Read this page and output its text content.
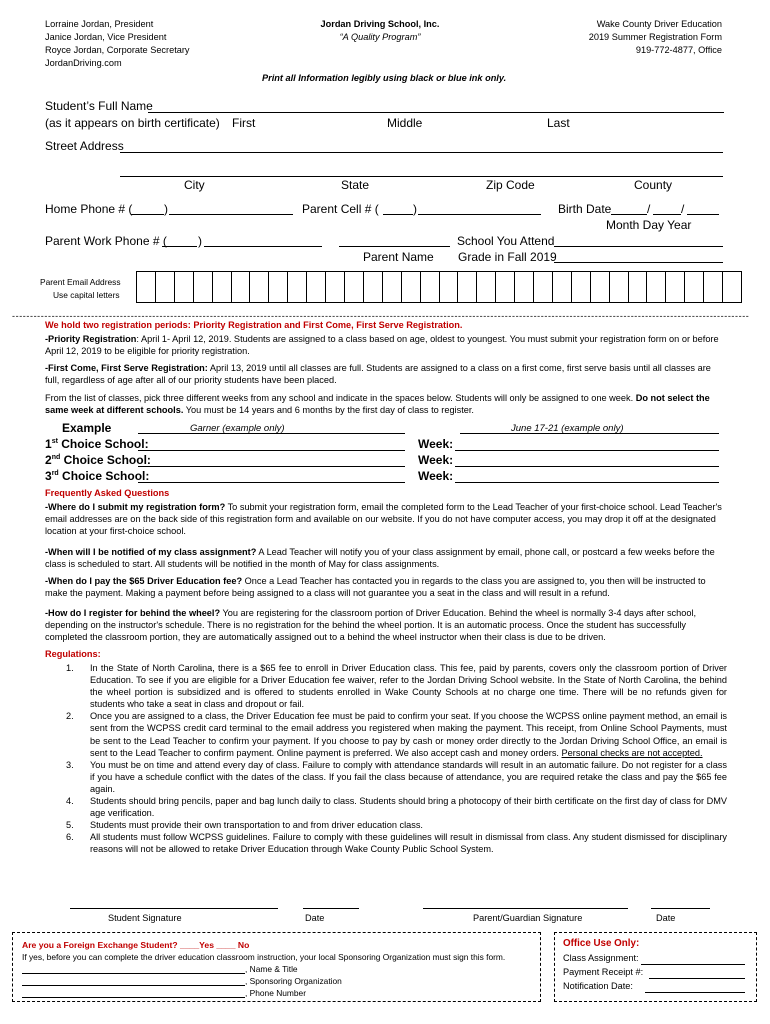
Lorraine Jordan, President
Janice Jordan, Vice President
Royce Jordan, Corporate Secretary
JordanDriving.com
Jordan Driving School, Inc.
“A Quality Program”
Wake County Driver Education
2019 Summer Registration Form
919-772-4877, Office
Print all Information legibly using black or blue ink only.
Student’s Full Name
(as it appears on birth certificate) First	Middle	Last
Street Address
City	State	Zip Code	County
Home Phone # (	)	Parent Cell # (	)	Birth Date	/	/
Month Day Year
Parent Work Phone # (	)	School You Attend
Parent Name Grade in Fall 2019
Parent Email Address
Use capital letters
-------------------------------------------------------------------------------------------------------------------------------------------------------------------------------------------------------------
We hold two registration periods: Priority Registration and First Come, First Serve Registration.
-Priority Registration: April 1- April 12, 2019. Students are assigned to a class based on age, oldest to youngest. You must submit your registration form on or before April 12, 2019 to be eligible for priority registration.
-First Come, First Serve Registration: April 13, 2019 until all classes are full. Students are assigned to a class on a first come, first serve basis until all classes are full, regardless of age after all of our priority students have been placed.
From the list of classes, pick three different weeks from any school and indicate in the spaces below. Students will only be assigned to one week. Do not select the same week at different schools. You must be 14 years and 6 months by the first day of class to register.
Example	Garner (example only)	June 17-21 (example only)
1st Choice School:	Week:
2nd Choice School:	Week:
3rd Choice School:	Week:
Frequently Asked Questions
-Where do I submit my registration form? To submit your registration form, email the completed form to the Lead Teacher of your first-choice school. Lead Teacher's email addresses are on the back side of this registration form and available on our website. If you do not have computer access, you may drop it off at the designated location at your first-choice school.
-When will I be notified of my class assignment? A Lead Teacher will notify you of your class assignment by email, phone call, or postcard a few weeks before the class is scheduled to start. All students will be notified in the month of May for class assignments.
-When do I pay the $65 Driver Education fee? Once a Lead Teacher has contacted you in regards to the class you are assigned to, you then will be instructed to make the payment. Making a payment before being assigned to a class will not guarantee you a seat in the class and will result in a refund.
-How do I register for behind the wheel? You are registering for the classroom portion of Driver Education. Behind the wheel is normally 3-4 days after school, depending on the instructor's schedule. There is no registration for the behind the wheel portion. It is an automatic process. Once the student has successfully completed the classroom portion, they are automatically assigned out to a behind the wheel instructor when their class is due to be driven.
Regulations:
1. In the State of North Carolina, there is a $65 fee to enroll in Driver Education class. This fee, paid by parents, covers only the classroom portion of Driver Education. To see if you are eligible for a Driver Education fee waiver, refer to the Jordan Driving School website. In the State of North Carolina, the behind the wheel portion is subsidized and is offered to students enrolled in Wake County Schools at no charge one time. There will be no refunds given for students who take a seat in class and dropout or fail.
2. Once you are assigned to a class, the Driver Education fee must be paid to confirm your seat. If you choose the WCPSS online payment method, an email is sent from the WCPSS credit card terminal to the email address you registered when making the payment. This receipt, from Online School Payments, must be sent to the Lead Teacher to confirm your payment. If you choose to pay by cash or money order directly to the Jordan Driving School Office, an email is sent to the Lead Teacher to confirm payment. Online payment is preferred. We also accept cash and money orders. Personal checks are not accepted.
3. You must be on time and attend every day of class. Failure to comply with attendance standards will result in an automatic failure. Do not register for a class if you have a schedule conflict with the dates of the class. If you fail the class because of attendance, you are required retake the class and pay the $65 fee again.
4. Students should bring pencils, paper and bag lunch daily to class. Students should bring a photocopy of their birth certificate on the first day of class for DMV age verification.
5. Students must provide their own transportation to and from driver education class.
6. All students must follow WCPSS guidelines. Failure to comply with these guidelines will result in dismissal from class. Any student dismissed for disciplinary reasons will not be allowed to retake Driver Education through Wake County Public School System.
Student Signature	Date	Parent/Guardian Signature	Date
Are you a Foreign Exchange Student? ____Yes ____ No
If yes, before you can complete the driver education classroom instruction, your local Sponsoring Organization must sign this form.
, Name & Title
, Sponsoring Organization
, Phone Number
Office Use Only:
Class Assignment:
Payment Receipt #:
Notification Date:
